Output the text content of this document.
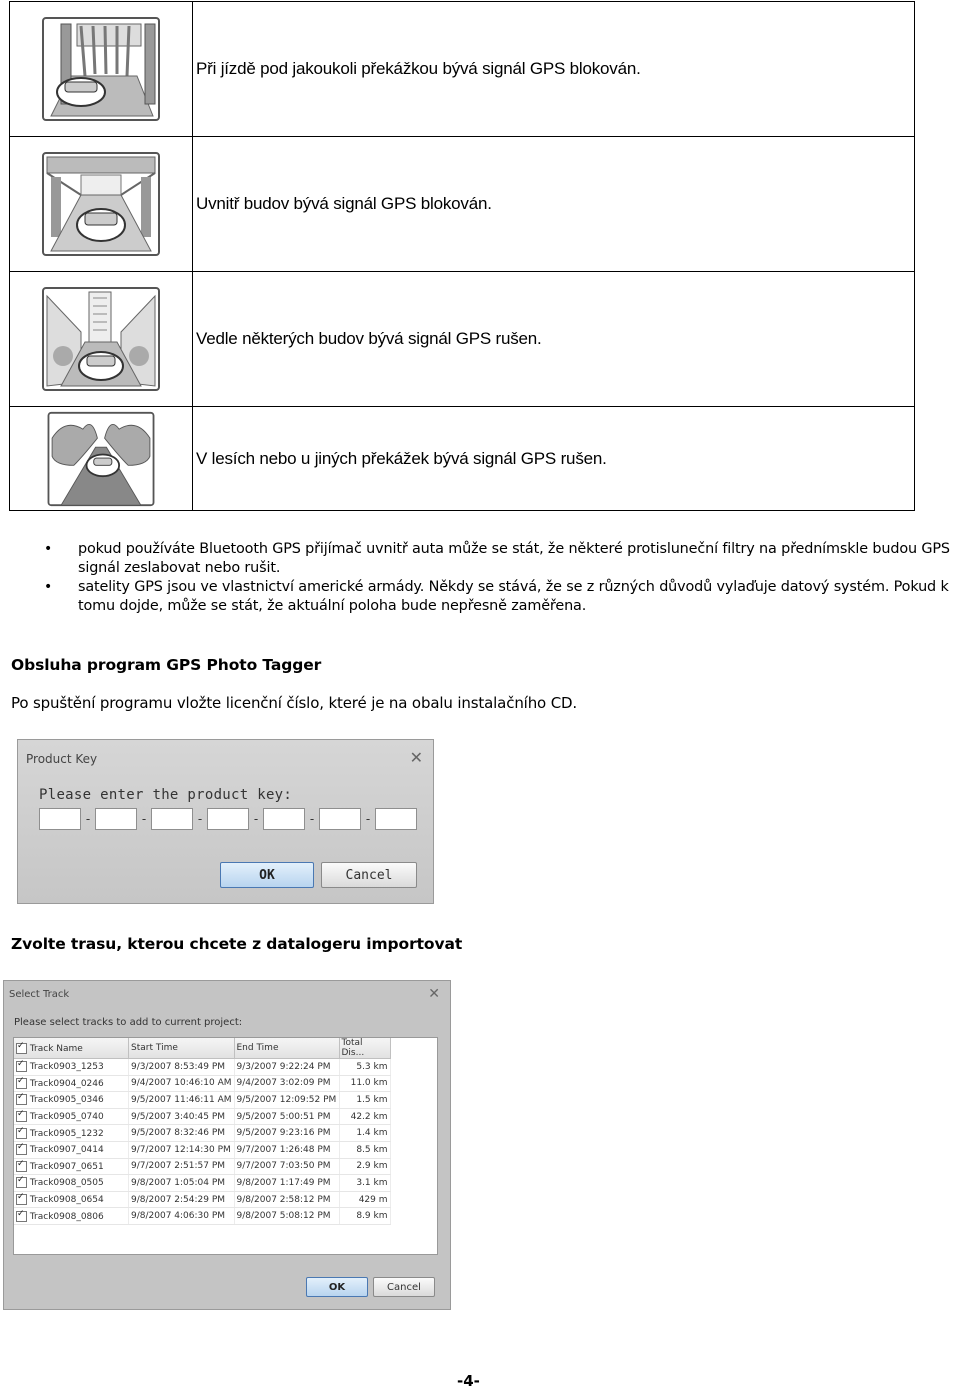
Při jízdě pod jakoukoli překážkou bývá signál GPS blokován.
Uvnitř budov bývá signál GPS blokován.
Vedle některých budov bývá signál GPS rušen.
V lesích nebo u jiných překážek bývá signál GPS rušen.
• pokud používáte Bluetooth GPS přijímač uvnitř auta může se stát, že některé protisluneční filtry na přednímskle budou GPS signál zeslabovat nebo rušit.
• satelity GPS jsou ve vlastnictví americké armády. Někdy se stává, že se z různých důvodů vylaďuje datový systém. Pokud k tomu dojde, může se stát, že aktuální poloha bude nepřesně zaměřena.
Obsluha program GPS Photo Tagger
Po spuštění programu vložte licenční číslo, které je na obalu instalačního CD.
Product Key	✕
Please enter the product key:
-	-	-	-	-	-
OK	Cancel
Zvolte trasu, kterou chcete z datalogeru importovat
Select Track	✕
Please select tracks to add to current project:
✓ Track Name	Start Time	End Time	Total Dis...
✓ Track0903_1253	9/3/2007 8:53:49 PM	9/3/2007 9:22:24 PM	5.3 km
✓ Track0904_0246	9/4/2007 10:46:10 AM	9/4/2007 3:02:09 PM	11.0 km
✓ Track0905_0346	9/5/2007 11:46:11 AM	9/5/2007 12:09:52 PM	1.5 km
✓ Track0905_0740	9/5/2007 3:40:45 PM	9/5/2007 5:00:51 PM	42.2 km
✓ Track0905_1232	9/5/2007 8:32:46 PM	9/5/2007 9:23:16 PM	1.4 km
✓ Track0907_0414	9/7/2007 12:14:30 PM	9/7/2007 1:26:48 PM	8.5 km
✓ Track0907_0651	9/7/2007 2:51:57 PM	9/7/2007 7:03:50 PM	2.9 km
✓ Track0908_0505	9/8/2007 1:05:04 PM	9/8/2007 1:17:49 PM	3.1 km
✓ Track0908_0654	9/8/2007 2:54:29 PM	9/8/2007 2:58:12 PM	429 m
✓ Track0908_0806	9/8/2007 4:06:30 PM	9/8/2007 5:08:12 PM	8.9 km
OK	Cancel
-4-
